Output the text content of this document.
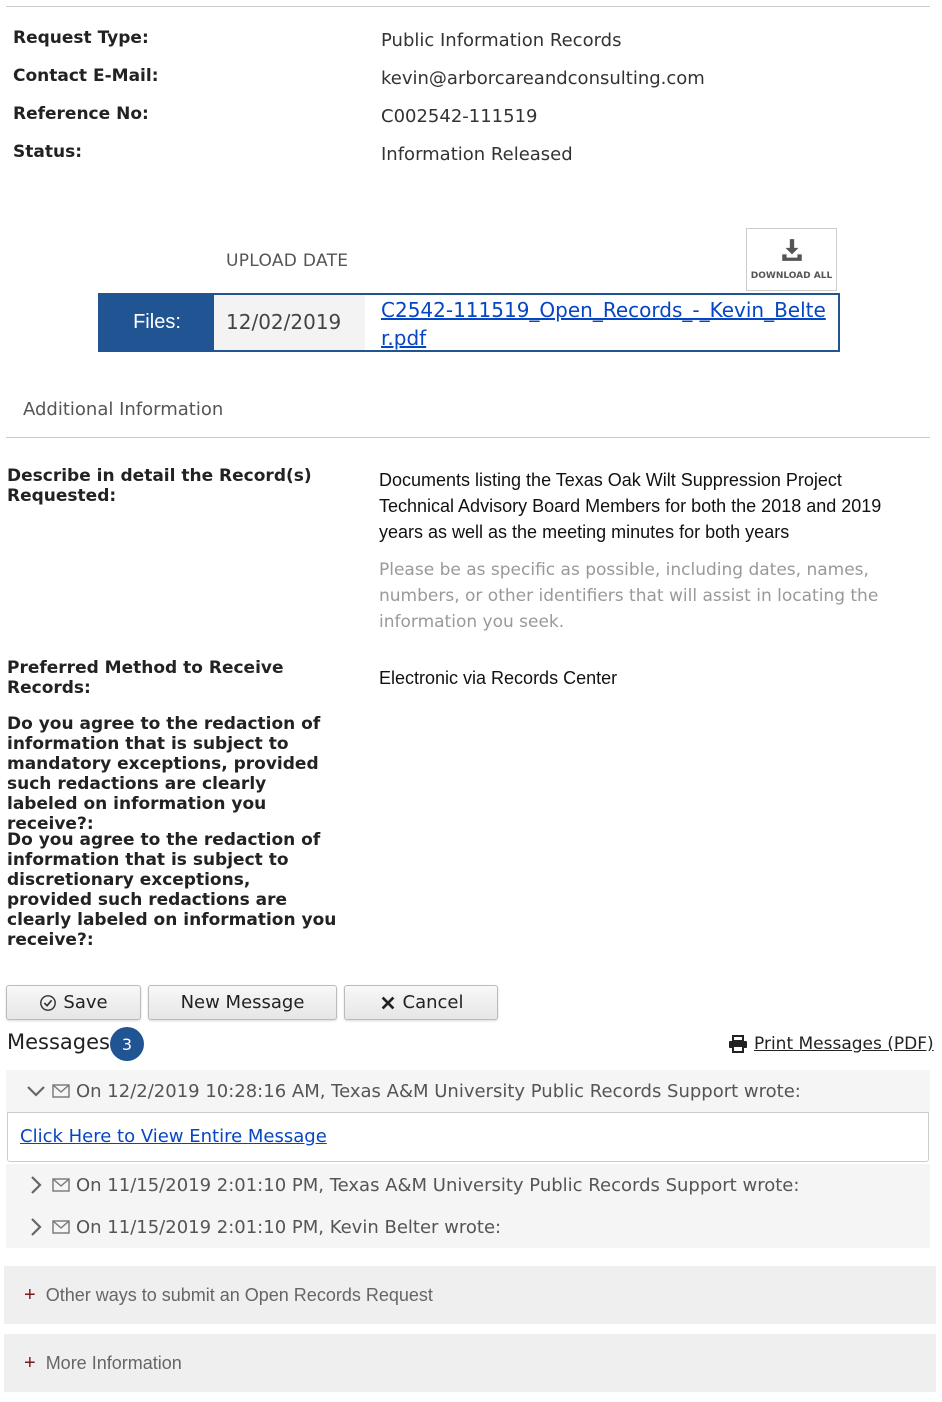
Request Type:	Public Information Records
Contact E-Mail:	kevin@arborcareandconsulting.com
Reference No:	C002542-111519
Status:	Information Released
UPLOAD DATE
DOWNLOAD ALL
Files:	12/02/2019	C2542-111519_Open_Records_-_Kevin_Belter.pdf
Additional Information
Describe in detail the Record(s) Requested:
Documents listing the Texas Oak Wilt Suppression Project Technical Advisory Board Members for both the 2018 and 2019 years as well as the meeting minutes for both years
Please be as specific as possible, including dates, names, numbers, or other identifiers that will assist in locating the information you seek.
Preferred Method to Receive Records:	Electronic via Records Center
Do you agree to the redaction of information that is subject to mandatory exceptions, provided such redactions are clearly labeled on information you receive?:
Do you agree to the redaction of information that is subject to discretionary exceptions, provided such redactions are clearly labeled on information you receive?:
Save	New Message	Cancel
Messages 3	Print Messages (PDF)
On 12/2/2019 10:28:16 AM, Texas A&M University Public Records Support wrote:
Click Here to View Entire Message
On 11/15/2019 2:01:10 PM, Texas A&M University Public Records Support wrote:
On 11/15/2019 2:01:10 PM, Kevin Belter wrote:
+ Other ways to submit an Open Records Request
+ More Information
